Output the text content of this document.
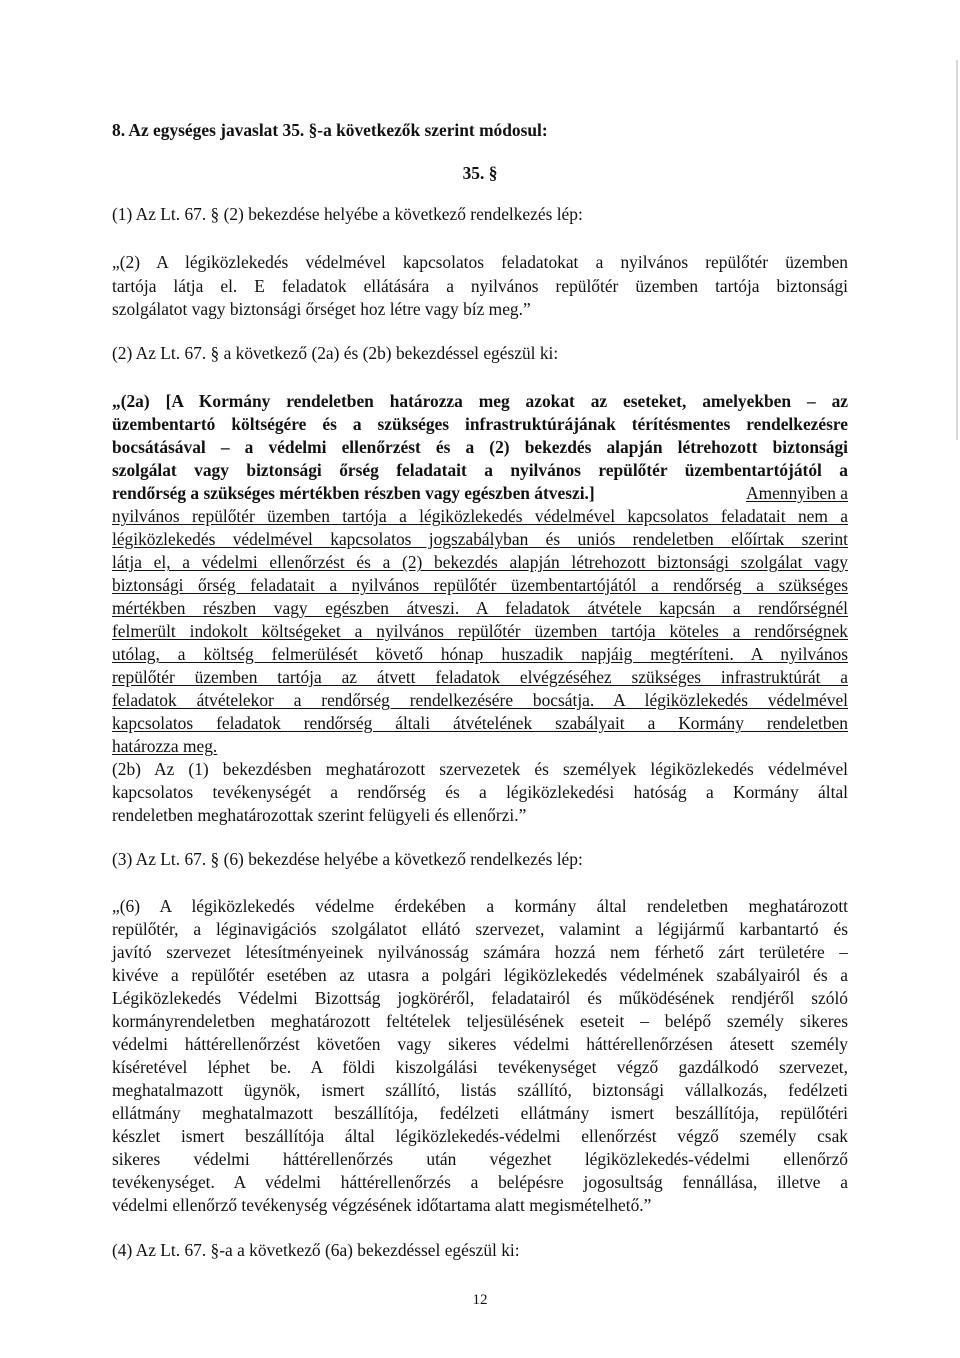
8. Az egységes javaslat 35. §-a következők szerint módosul:
35. §
(1) Az Lt. 67. § (2) bekezdése helyébe a következő rendelkezés lép:
„(2) A légiközlekedés védelmével kapcsolatos feladatokat a nyilvános repülőtér üzemben
tartója látja el. E feladatok ellátására a nyilvános repülőtér üzemben tartója biztonsági
szolgálatot vagy biztonsági őrséget hoz létre vagy bíz meg.”
(2) Az Lt. 67. § a következő (2a) és (2b) bekezdéssel egészül ki:
„(2a) [A Kormány rendeletben határozza meg azokat az eseteket, amelyekben – az
üzembentartó költségére és a szükséges infrastruktúrájának térítésmentes rendelkezésre
bocsátásával – a védelmi ellenőrzést és a (2) bekezdés alapján létrehozott biztonsági
szolgálat vagy biztonsági őrség feladatait a nyilvános repülőtér üzembentartójától a
rendőrség a szükséges mértékben részben vagy egészben átveszi.]	Amennyiben a
nyilvános repülőtér üzemben tartója a légiközlekedés védelmével kapcsolatos feladatait nem a
légiközlekedés védelmével kapcsolatos jogszabályban és uniós rendeletben előírtak szerint
látja el, a védelmi ellenőrzést és a (2) bekezdés alapján létrehozott biztonsági szolgálat vagy
biztonsági őrség feladatait a nyilvános repülőtér üzembentartójától a rendőrség a szükséges
mértékben részben vagy egészben átveszi. A feladatok átvétele kapcsán a rendőrségnél
felmerült indokolt költségeket a nyilvános repülőtér üzemben tartója köteles a rendőrségnek
utólag, a költség felmerülését követő hónap huszadik napjáig megtéríteni. A nyilvános
repülőtér üzemben tartója az átvett feladatok elvégzéséhez szükséges infrastruktúrát a
feladatok átvételekor a rendőrség rendelkezésére bocsátja. A légiközlekedés védelmével
kapcsolatos feladatok rendőrség általi átvételének szabályait a Kormány rendeletben
határozza meg.
(2b) Az (1) bekezdésben meghatározott szervezetek és személyek légiközlekedés védelmével
kapcsolatos tevékenységét a rendőrség és a légiközlekedési hatóság a Kormány által
rendeletben meghatározottak szerint felügyeli és ellenőrzi.”
(3) Az Lt. 67. § (6) bekezdése helyébe a következő rendelkezés lép:
„(6) A légiközlekedés védelme érdekében a kormány által rendeletben meghatározott
repülőtér, a léginavigációs szolgálatot ellátó szervezet, valamint a légijármű karbantartó és
javító szervezet létesítményeinek nyilvánosság számára hozzá nem férhető zárt területére –
kivéve a repülőtér esetében az utasra a polgári légiközlekedés védelmének szabályairól és a
Légiközlekedés Védelmi Bizottság jogköréről, feladatairól és működésének rendjéről szóló
kormányrendeletben meghatározott feltételek teljesülésének eseteit – belépő személy sikeres
védelmi háttérellenőrzést követően vagy sikeres védelmi háttérellenőrzésen átesett személy
kíséretével léphet be. A földi kiszolgálási tevékenységet végző gazdálkodó szervezet,
meghatalmazott ügynök, ismert szállító, listás szállító, biztonsági vállalkozás, fedélzeti
ellátmány meghatalmazott beszállítója, fedélzeti ellátmány ismert beszállítója, repülőtéri
készlet ismert beszállítója által légiközlekedés-védelmi ellenőrzést végző személy csak
sikeres védelmi háttérellenőrzés után végezhet légiközlekedés-védelmi ellenőrző
tevékenységet. A védelmi háttérellenőrzés a belépésre jogosultság fennállása, illetve a
védelmi ellenőrző tevékenység végzésének időtartama alatt megismételhető.”
(4) Az Lt. 67. §-a a következő (6a) bekezdéssel egészül ki:
12
